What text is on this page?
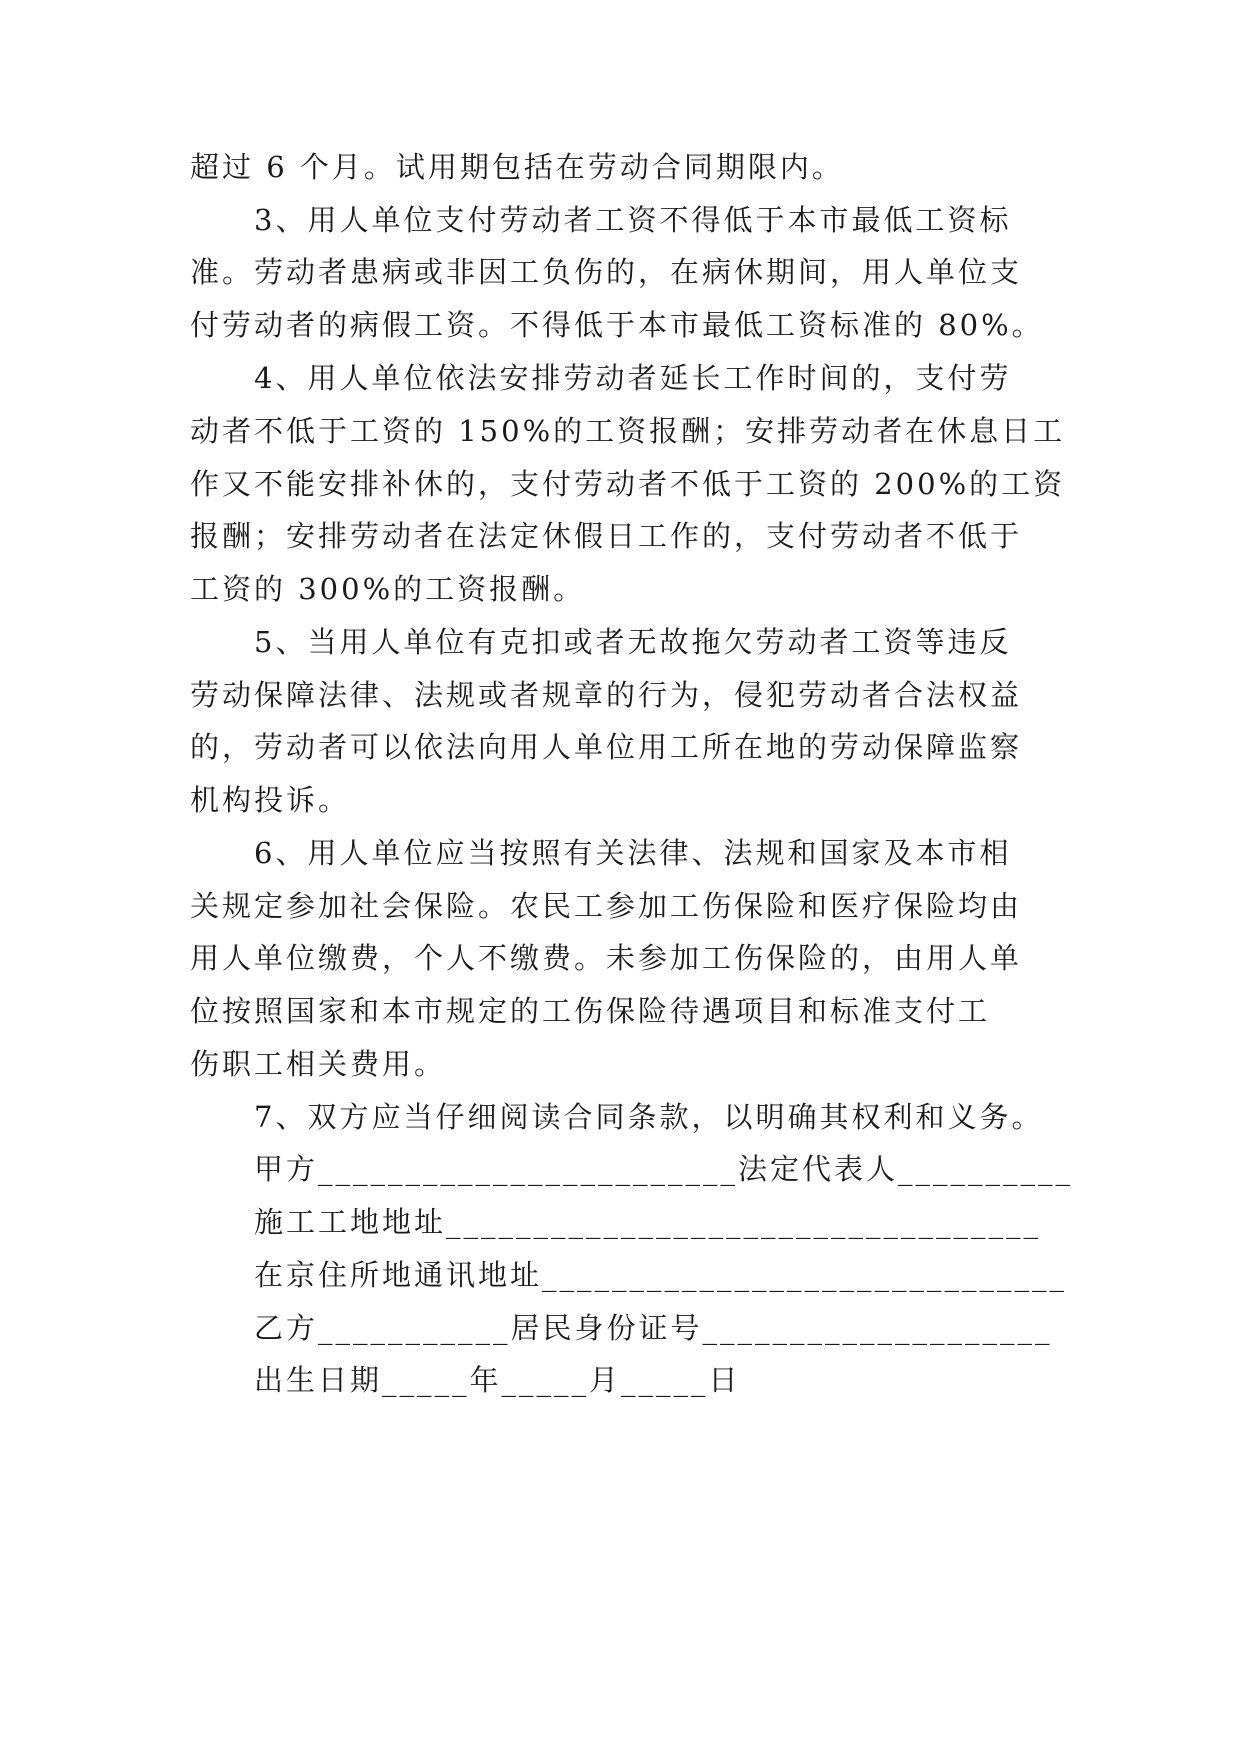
超过 6 个月。试用期包括在劳动合同期限内。
3、用人单位支付劳动者工资不得低于本市最低工资标
准。劳动者患病或非因工负伤的，在病休期间，用人单位支
付劳动者的病假工资。不得低于本市最低工资标准的 80%。
4、用人单位依法安排劳动者延长工作时间的，支付劳
动者不低于工资的 150%的工资报酬；安排劳动者在休息日工
作又不能安排补休的，支付劳动者不低于工资的 200%的工资
报酬；安排劳动者在法定休假日工作的，支付劳动者不低于
工资的 300%的工资报酬。
5、当用人单位有克扣或者无故拖欠劳动者工资等违反
劳动保障法律、法规或者规章的行为，侵犯劳动者合法权益
的，劳动者可以依法向用人单位用工所在地的劳动保障监察
机构投诉。
6、用人单位应当按照有关法律、法规和国家及本市相
关规定参加社会保险。农民工参加工伤保险和医疗保险均由
用人单位缴费，个人不缴费。未参加工伤保险的，由用人单
位按照国家和本市规定的工伤保险待遇项目和标准支付工
伤职工相关费用。
7、双方应当仔细阅读合同条款，以明确其权利和义务。
甲方________________________法定代表人__________
施工工地地址__________________________________
在京住所地通讯地址______________________________
乙方___________居民身份证号____________________
出生日期_____年_____月_____日
